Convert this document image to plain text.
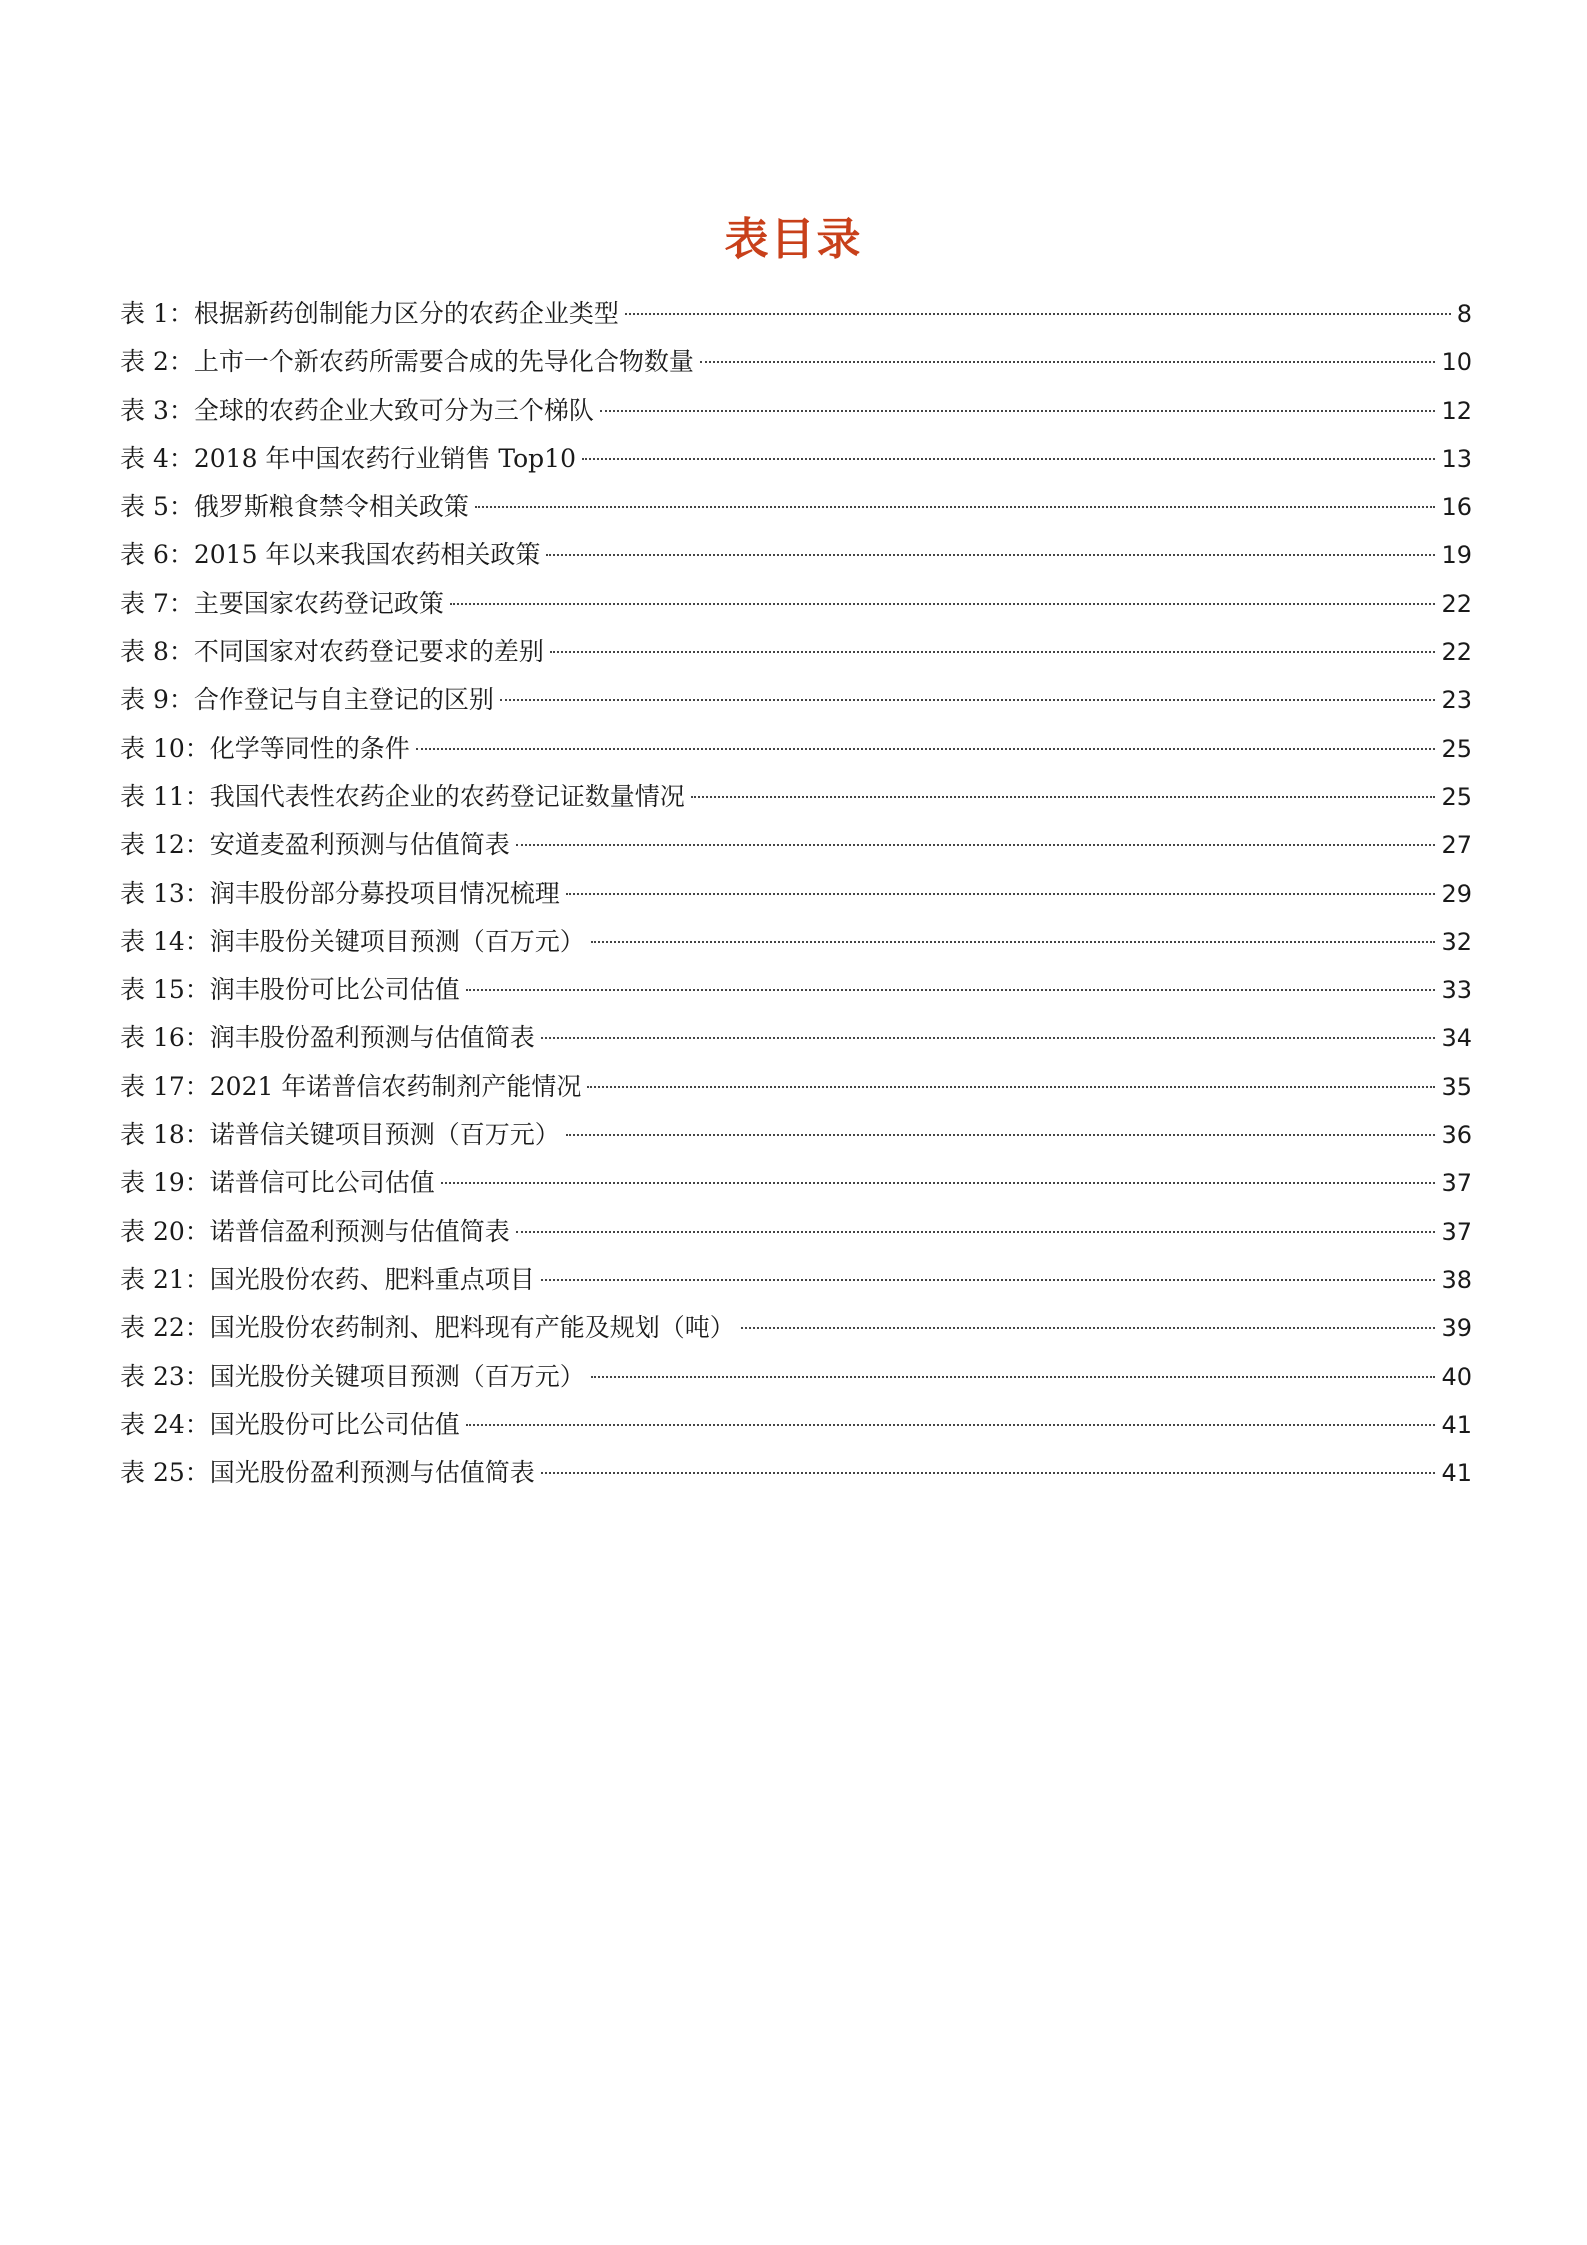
表目录
表 1： 根据新药创制能力区分的农药企业类型	8
表 2： 上市一个新农药所需要合成的先导化合物数量	10
表 3： 全球的农药企业大致可分为三个梯队	12
表 4： 2018 年中国农药行业销售 Top10	13
表 5： 俄罗斯粮食禁令相关政策	16
表 6： 2015 年以来我国农药相关政策	19
表 7： 主要国家农药登记政策	22
表 8： 不同国家对农药登记要求的差别	22
表 9： 合作登记与自主登记的区别	23
表 10： 化学等同性的条件	25
表 11： 我国代表性农药企业的农药登记证数量情况	25
表 12： 安道麦盈利预测与估值简表	27
表 13： 润丰股份部分募投项目情况梳理	29
表 14： 润丰股份关键项目预测（百万元）	32
表 15： 润丰股份可比公司估值	33
表 16： 润丰股份盈利预测与估值简表	34
表 17： 2021 年诺普信农药制剂产能情况	35
表 18： 诺普信关键项目预测（百万元）	36
表 19： 诺普信可比公司估值	37
表 20： 诺普信盈利预测与估值简表	37
表 21： 国光股份农药、肥料重点项目	38
表 22： 国光股份农药制剂、肥料现有产能及规划（吨）	39
表 23： 国光股份关键项目预测（百万元）	40
表 24： 国光股份可比公司估值	41
表 25： 国光股份盈利预测与估值简表	41
